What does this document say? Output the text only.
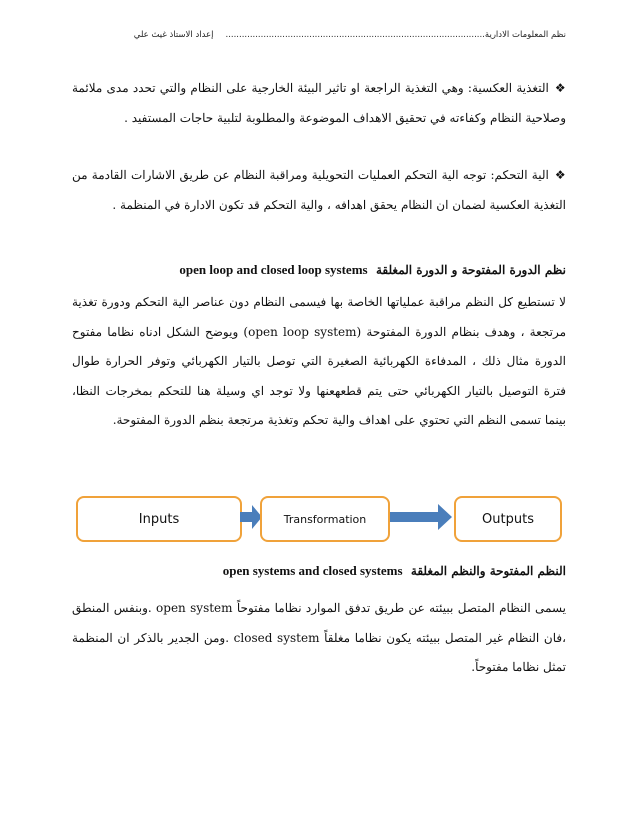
نظم المعلومات الادارية................................................................................................إعداد الاستاذ غيث علي
❖التغذية العكسية: وهي التغذية الراجعة او تاثير البيئة الخارجية على النظام والتي تحدد مدى ملائمة وصلاحية النظام وكفاءته في تحقيق الاهداف الموضوعة والمطلوبة لتلبية حاجات المستفيد .
❖الية التحكم: توجه الية التحكم العمليات التحويلية ومراقبة النظام عن طريق الاشارات القادمة من التغذية العكسية لضمان ان النظام يحقق اهدافه ، والية التحكم قد تكون الادارة في المنظمة .
نظم الدورة المفتوحة و الدورة المغلقة  open loop and closed loop systems
لا تستطيع كل النظم مراقبة عملياتها الخاصة بها فيسمى النظام دون عناصر الية التحكم ودورة تغذية مرتجعة ، وهدف بنظام الدورة المفتوحة (open loop system) ويوضح الشكل ادناه نظاما مفتوح الدورة مثال ذلك ، المدفاءة الكهربائية الصغيرة التي توصل بالتيار الكهربائي وتوفر الحرارة طوال فترة التوصيل بالتيار الكهربائي حتى يتم قطعهعنها ولا توجد اي وسيلة هنا للتحكم بمخرجات النظا، بينما تسمى النظم التي تحتوي على اهداف والية تحكم وتغذية مرتجعة بنظم الدورة المفتوحة.
Inputs	Transformation	Outputs
النظم المفتوحة والنظم المغلقة  open systems and closed systems
يسمى النظام المتصل ببيئته عن طريق تدفق الموارد نظاما مفتوحاً open system .وبنفس المنطق ،فان النظام غير المتصل ببيئته يكون نظاما مغلقاً closed system .ومن الجدير بالذكر ان المنظمة تمثل نظاما مفتوحاً.
